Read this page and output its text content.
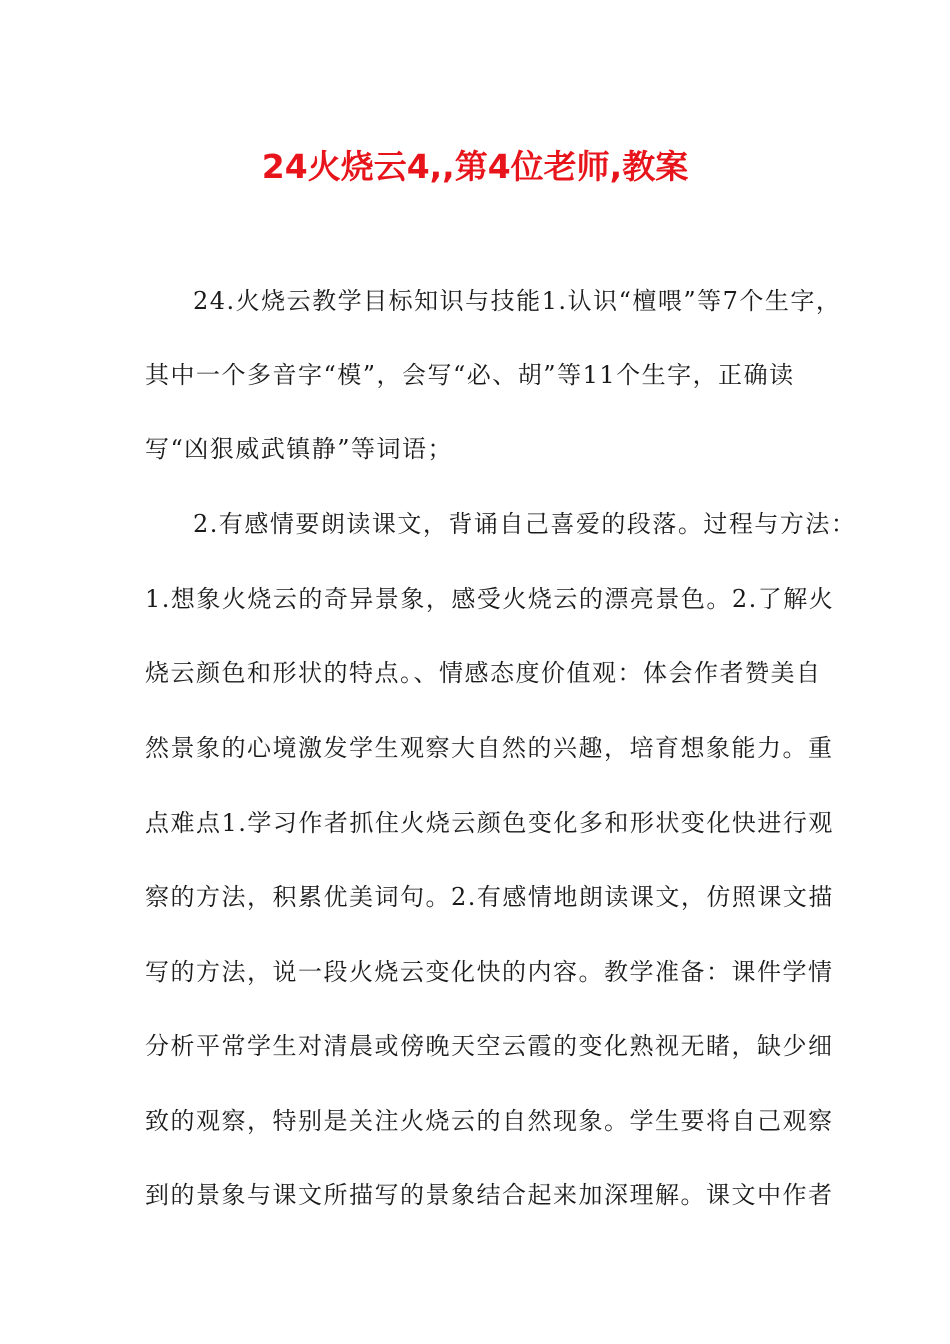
24火烧云4,,第4位老师,教案

24.火烧云教学目标知识与技能1.认识“檀喂”等7个生字，

其中一个多音字“模”，会写“必、胡”等11个生字，正确读

写“凶狠威武镇静”等词语；

2.有感情要朗读课文，背诵自己喜爱的段落。过程与方法：

1.想象火烧云的奇异景象，感受火烧云的漂亮景色。2.了解火

烧云颜色和形状的特点。、情感态度价值观：体会作者赞美自

然景象的心境激发学生观察大自然的兴趣，培育想象能力。重

点难点1.学习作者抓住火烧云颜色变化多和形状变化快进行观

察的方法，积累优美词句。2.有感情地朗读课文，仿照课文描

写的方法，说一段火烧云变化快的内容。教学准备：课件学情

分析平常学生对清晨或傍晚天空云霞的变化熟视无睹，缺少细

致的观察，特别是关注火烧云的自然现象。学生要将自己观察

到的景象与课文所描写的景象结合起来加深理解。课文中作者
